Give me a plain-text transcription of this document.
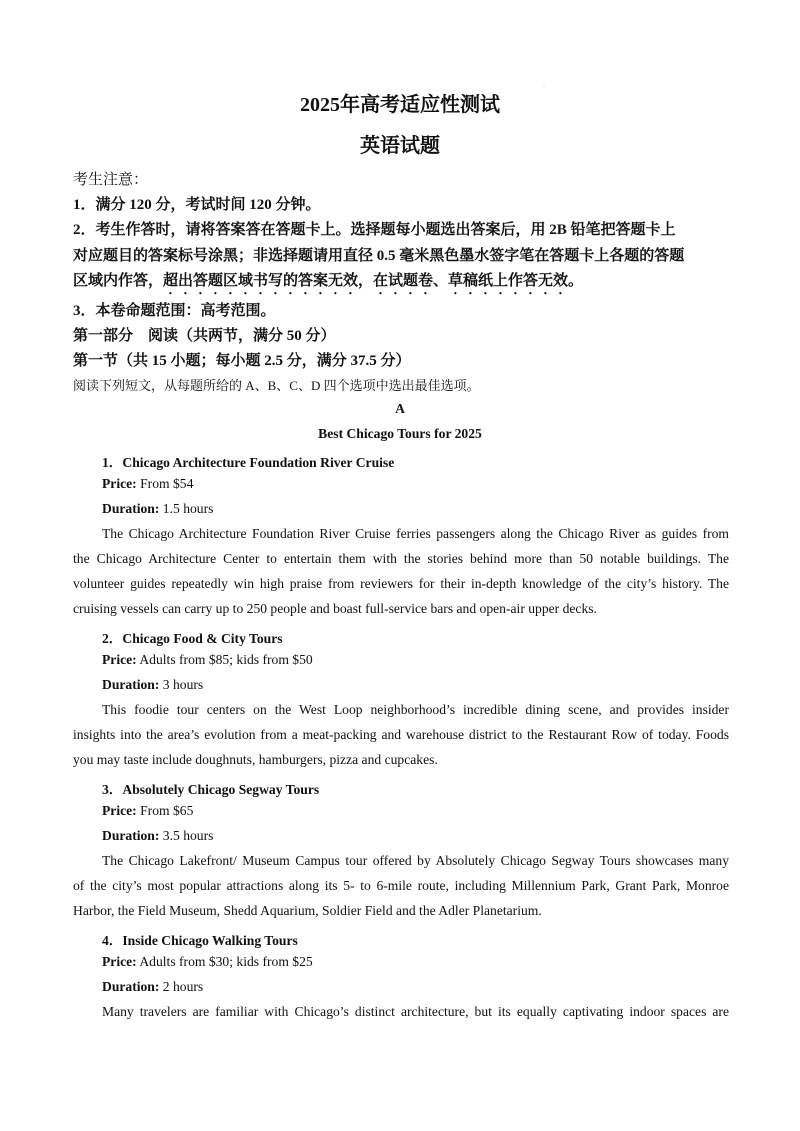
2025年高考适应性测试
·
英语试题
考生注意：
1．满分 120 分，考试时间 120 分钟。
2．考生作答时，请将答案答在答题卡上。选择题每小题选出答案后，用 2B 铅笔把答题卡上
对应题目的答案标号涂黑；非选择题请用直径 0.5 毫米黑色墨水签字笔在答题卡上各题的答题
区域内作答，超出答题区域书写的答案无效，在试题卷、草稿纸上作答无效。
3．本卷命题范围：高考范围。
第一部分　阅读（共两节，满分 50 分）
第一节（共 15 小题；每小题 2.5 分，满分 37.5 分）
阅读下列短文，从每题所给的 A、B、C、D 四个选项中选出最佳选项。
A
Best Chicago Tours for 2025
1．Chicago Architecture Foundation River Cruise
Price: From $54
Duration: 1.5 hours
The Chicago Architecture Foundation River Cruise ferries passengers along the Chicago River as guides from
the Chicago Architecture Center to entertain them with the stories behind more than 50 notable buildings. The
volunteer guides repeatedly win high praise from reviewers for their in-depth knowledge of the city’s history. The
cruising vessels can carry up to 250 people and boast full-service bars and open-air upper decks.
2．Chicago Food & City Tours
Price: Adults from $85; kids from $50
Duration: 3 hours
This foodie tour centers on the West Loop neighborhood’s incredible dining scene, and provides insider
insights into the area’s evolution from a meat-packing and warehouse district to the Restaurant Row of today. Foods
you may taste include doughnuts, hamburgers, pizza and cupcakes.
3．Absolutely Chicago Segway Tours
Price: From $65
Duration: 3.5 hours
The Chicago Lakefront/ Museum Campus tour offered by Absolutely Chicago Segway Tours showcases many
of the city’s most popular attractions along its 5- to 6-mile route, including Millennium Park, Grant Park, Monroe
Harbor, the Field Museum, Shedd Aquarium, Soldier Field and the Adler Planetarium.
4．Inside Chicago Walking Tours
Price: Adults from $30; kids from $25
Duration: 2 hours
Many travelers are familiar with Chicago’s distinct architecture, but its equally captivating indoor spaces are
